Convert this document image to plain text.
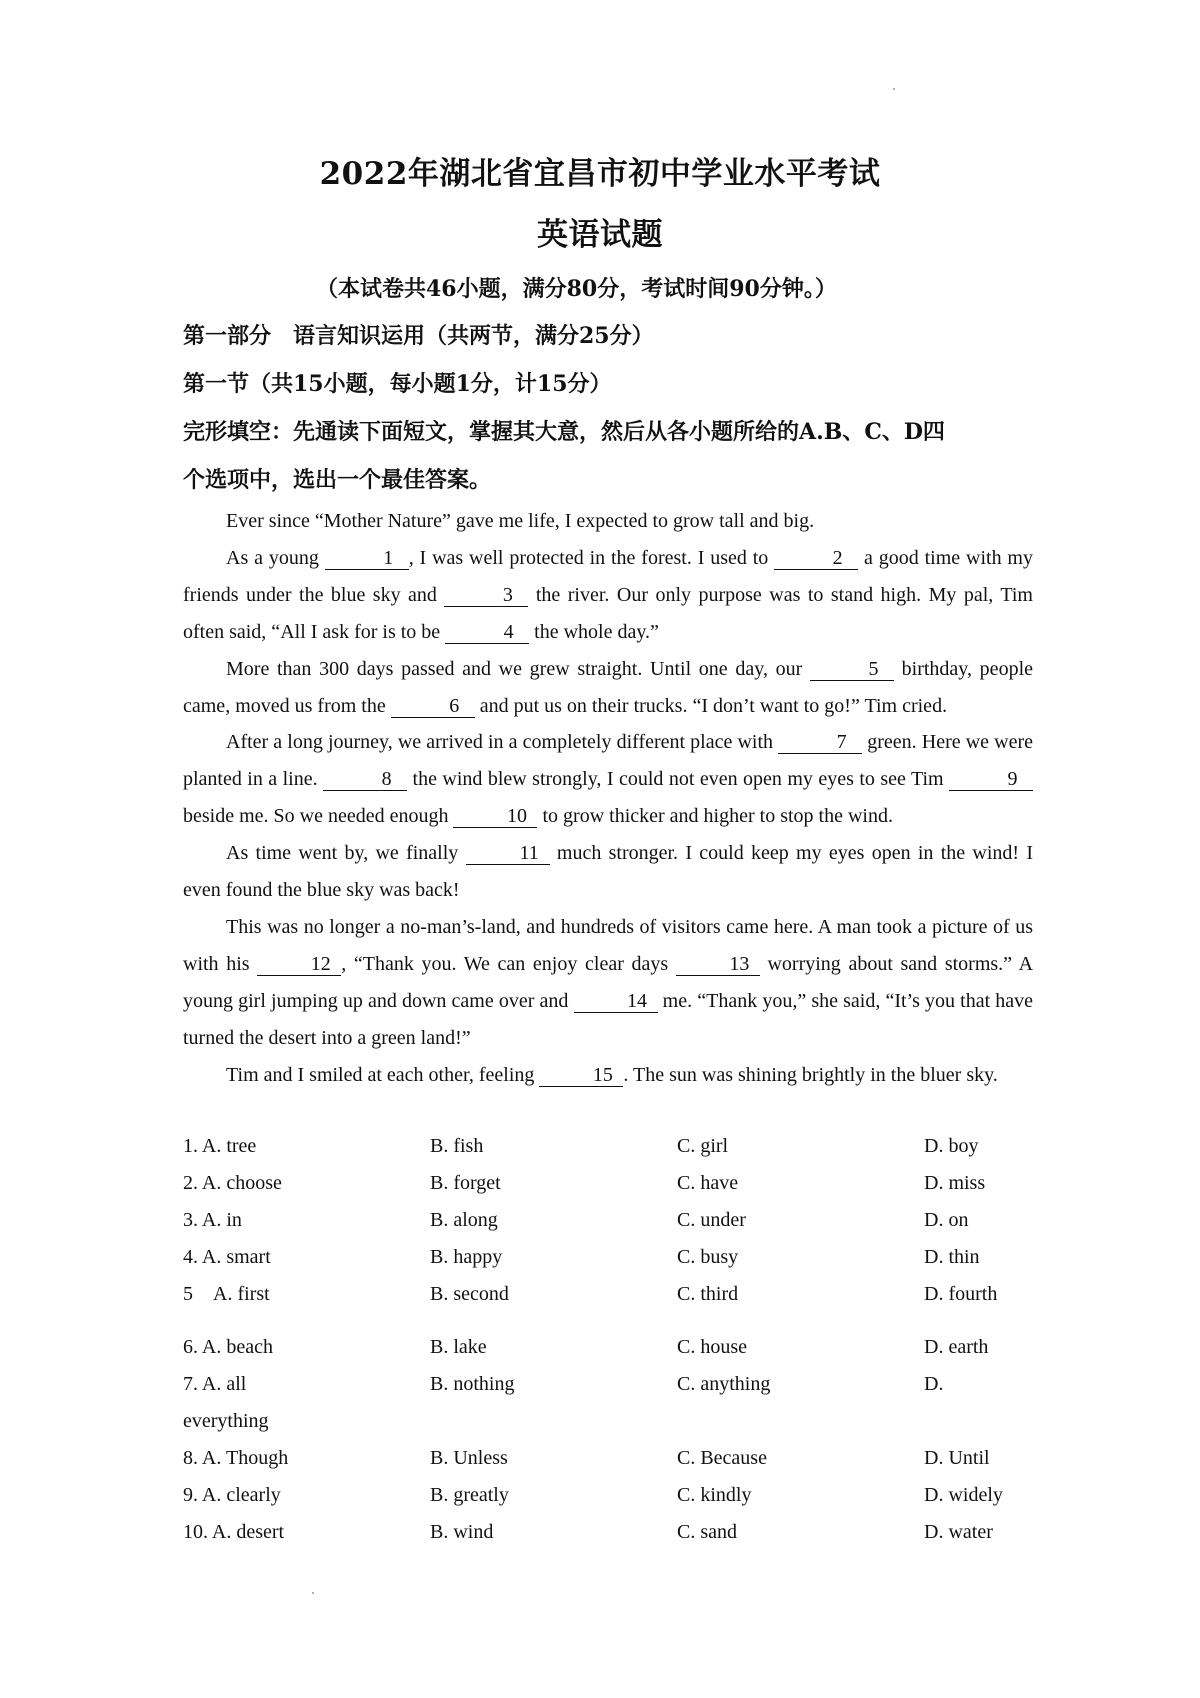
2022年湖北省宜昌市初中学业水平考试
英语试题
（本试卷共46小题，满分80分，考试时间90分钟。）
第一部分　语言知识运用（共两节，满分25分）
第一节（共15小题，每小题1分，计15分）
完形填空：先通读下面短文，掌握其大意，然后从各小题所给的A.B、C、D四
个选项中，选出一个最佳答案。

Ever since “Mother Nature” gave me life, I expected to grow tall and big.

As a young	1 , I was well protected in the forest. I used to	2 a good time with my friends under the blue sky and	3 the river. Our only purpose was to stand high. My pal, Tim often said, “All I ask for is to be	4 the whole day.”

More than 300 days passed and we grew straight. Until one day, our	5 birthday, people came, moved us from the	6 and put us on their trucks. “I don’t want to go!” Tim cried.

After a long journey, we arrived in a completely different place with	7 green. Here we were planted in a line.	8 the wind blew strongly, I could not even open my eyes to see Tim	9 beside me. So we needed enough	10 to grow thicker and higher to stop the wind.

As time went by, we finally	11 much stronger. I could keep my eyes open in the wind! I even found the blue sky was back!

This was no longer a no-man’s-land, and hundreds of visitors came here. A man took a picture of us with his	12 , “Thank you. We can enjoy clear days	13 worrying about sand storms.” A young girl jumping up and down came over and	14 me. “Thank you,” she said, “It’s you that have turned the desert into a green land!”

Tim and I smiled at each other, feeling	15 . The sun was shining brightly in the bluer sky.

1. A. tree	B. fish	C. girl	D. boy
2. A. choose	B. forget	C. have	D. miss
3. A. in	B. along	C. under	D. on
4. A. smart	B. happy	C. busy	D. thin
5　A. first	B. second	C. third	D. fourth
6. A. beach	B. lake	C. house	D. earth
7. A. all	B. nothing	C. anything	D.
everything
8. A. Though	B. Unless	C. Because	D. Until
9. A. clearly	B. greatly	C. kindly	D. widely
10. A. desert	B. wind	C. sand	D. water
